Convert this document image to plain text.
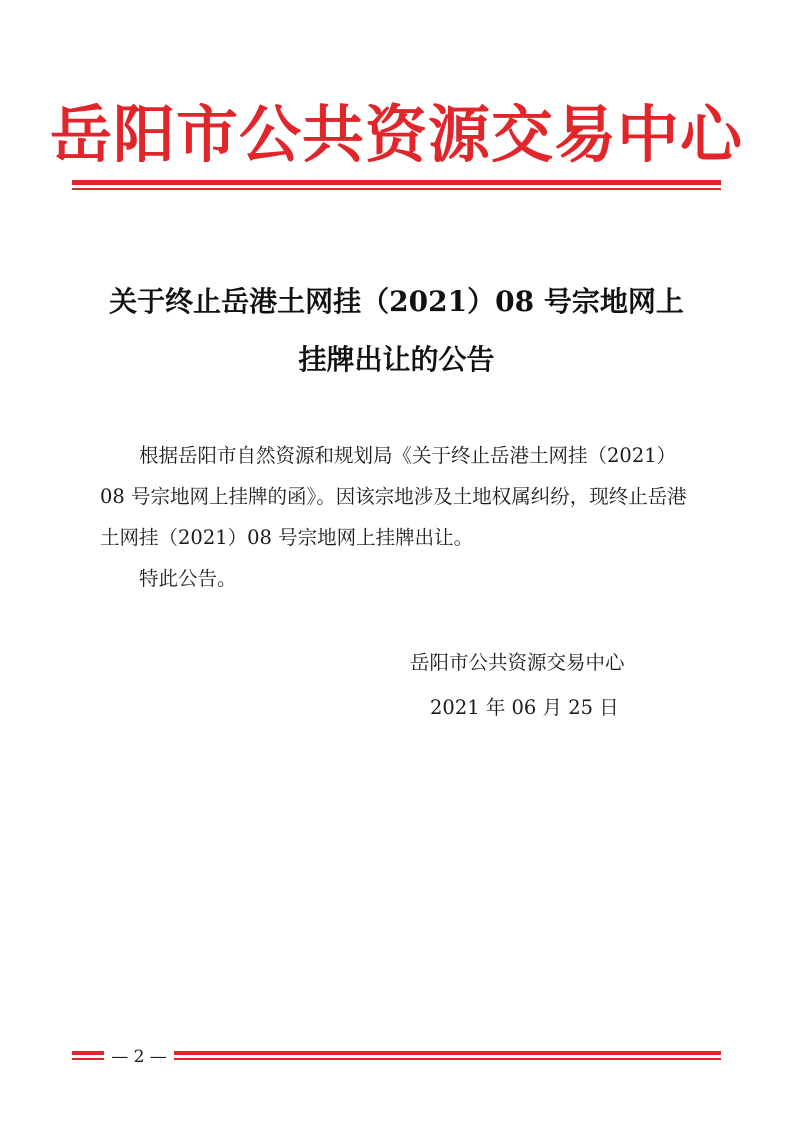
岳阳市公共资源交易中心
关于终止岳港土网挂（2021）08 号宗地网上
挂牌出让的公告

根据岳阳市自然资源和规划局《关于终止岳港土网挂（2021）08 号宗地网上挂牌的函》。因该宗地涉及土地权属纠纷，现终止岳港土网挂（2021）08 号宗地网上挂牌出让。

特此公告。

岳阳市公共资源交易中心
2021 年 06 月 25 日
— 2 —
